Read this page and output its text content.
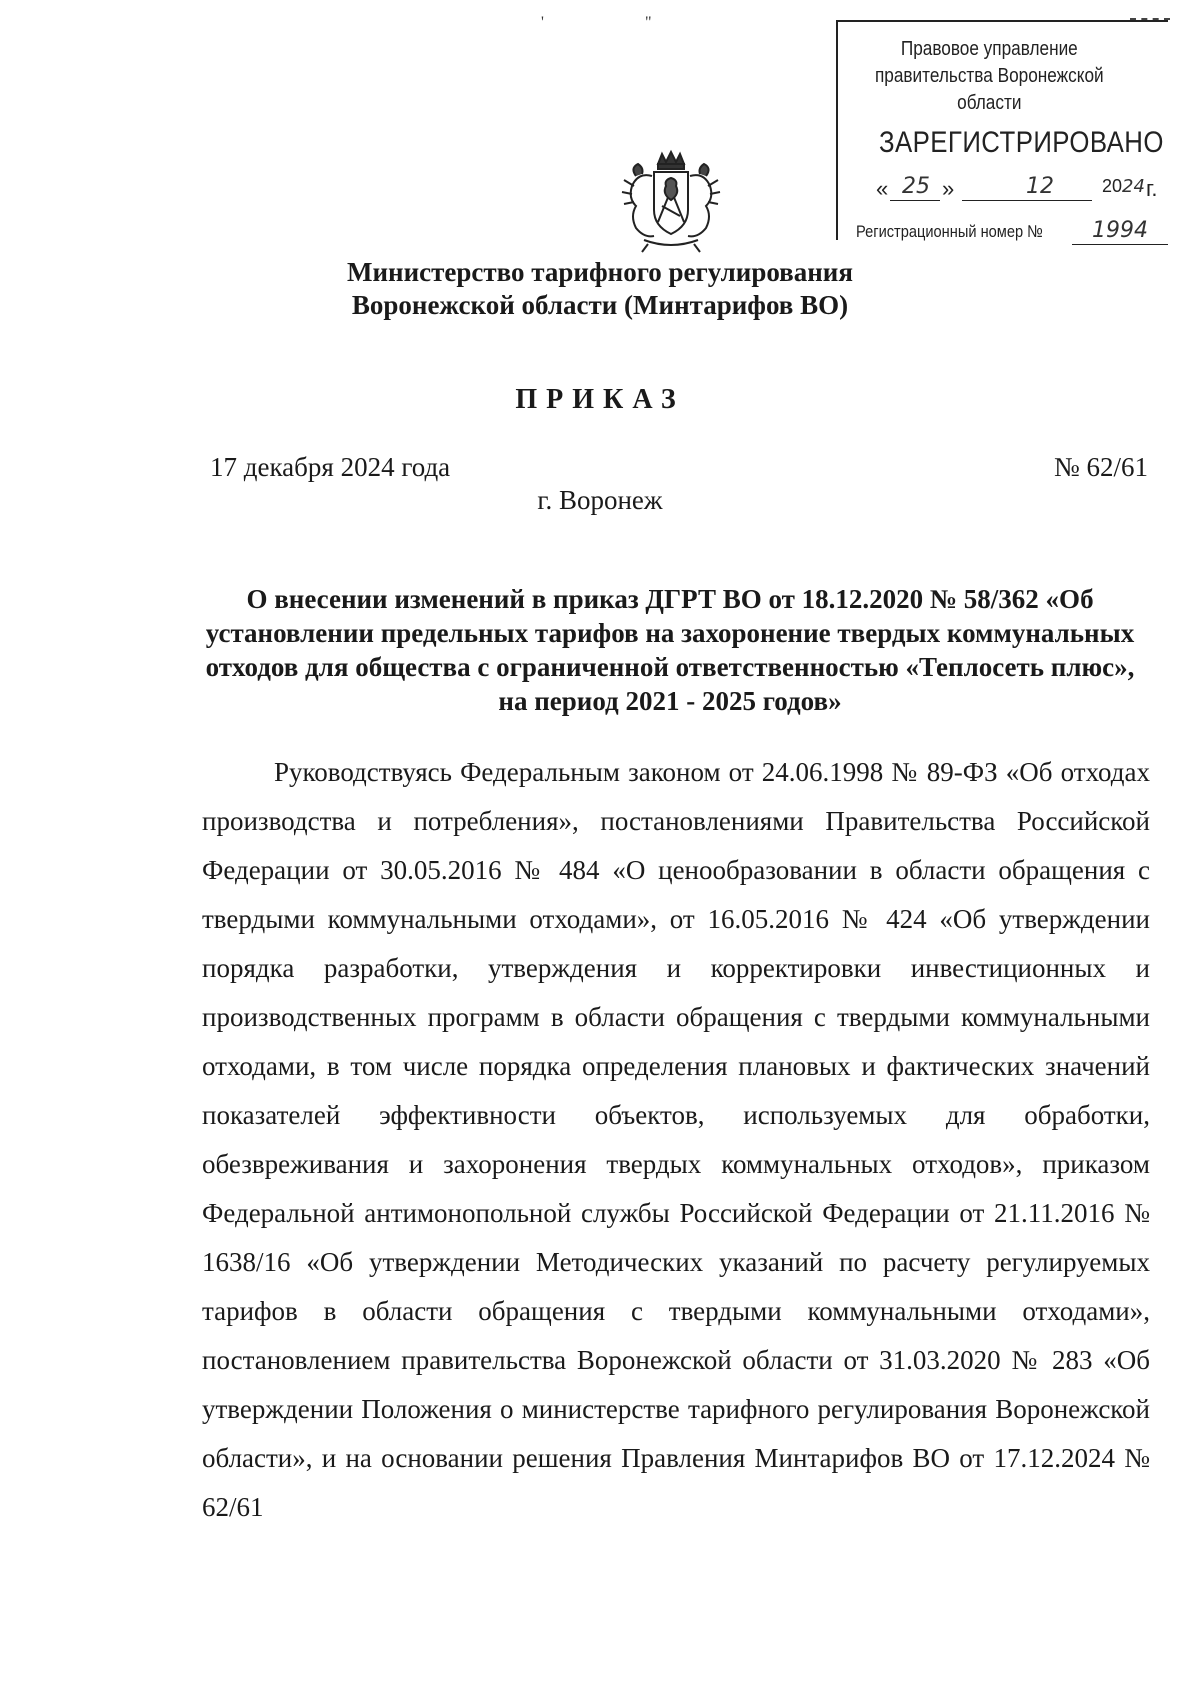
'	"
Правовое управление правительства Воронежской области
ЗАРЕГИСТРИРОВАНО
« 25 »	12	20 24 г.
Регистрационный номер № 1994
Министерство тарифного регулирования Воронежской области (Минтарифов ВО)
ПРИКАЗ
17 декабря 2024 года	№ 62/61
г. Воронеж
О внесении изменений в приказ ДГРТ ВО от 18.12.2020 № 58/362 «Об установлении предельных тарифов на захоронение твердых коммунальных отходов для общества с ограниченной ответственностью «Теплосеть плюс», на период 2021 - 2025 годов»

Руководствуясь Федеральным законом от 24.06.1998 № 89-ФЗ «Об отходах производства и потребления», постановлениями Правительства Российской Федерации от 30.05.2016 № 484 «О ценообразовании в области обращения с твердыми коммунальными отходами», от 16.05.2016 № 424 «Об утверждении порядка разработки, утверждения и корректировки инвестиционных и производственных программ в области обращения с твердыми коммунальными отходами, в том числе порядка определения плановых и фактических значений показателей эффективности объектов, используемых для обработки, обезвреживания и захоронения твердых коммунальных отходов», приказом Федеральной антимонопольной службы Российской Федерации от 21.11.2016 № 1638/16 «Об утверждении Методических указаний по расчету регулируемых тарифов в области обращения с твердыми коммунальными отходами», постановлением правительства Воронежской области от 31.03.2020 № 283 «Об утверждении Положения о министерстве тарифного регулирования Воронежской области», и на основании решения Правления Минтарифов ВО от 17.12.2024 № 62/61
